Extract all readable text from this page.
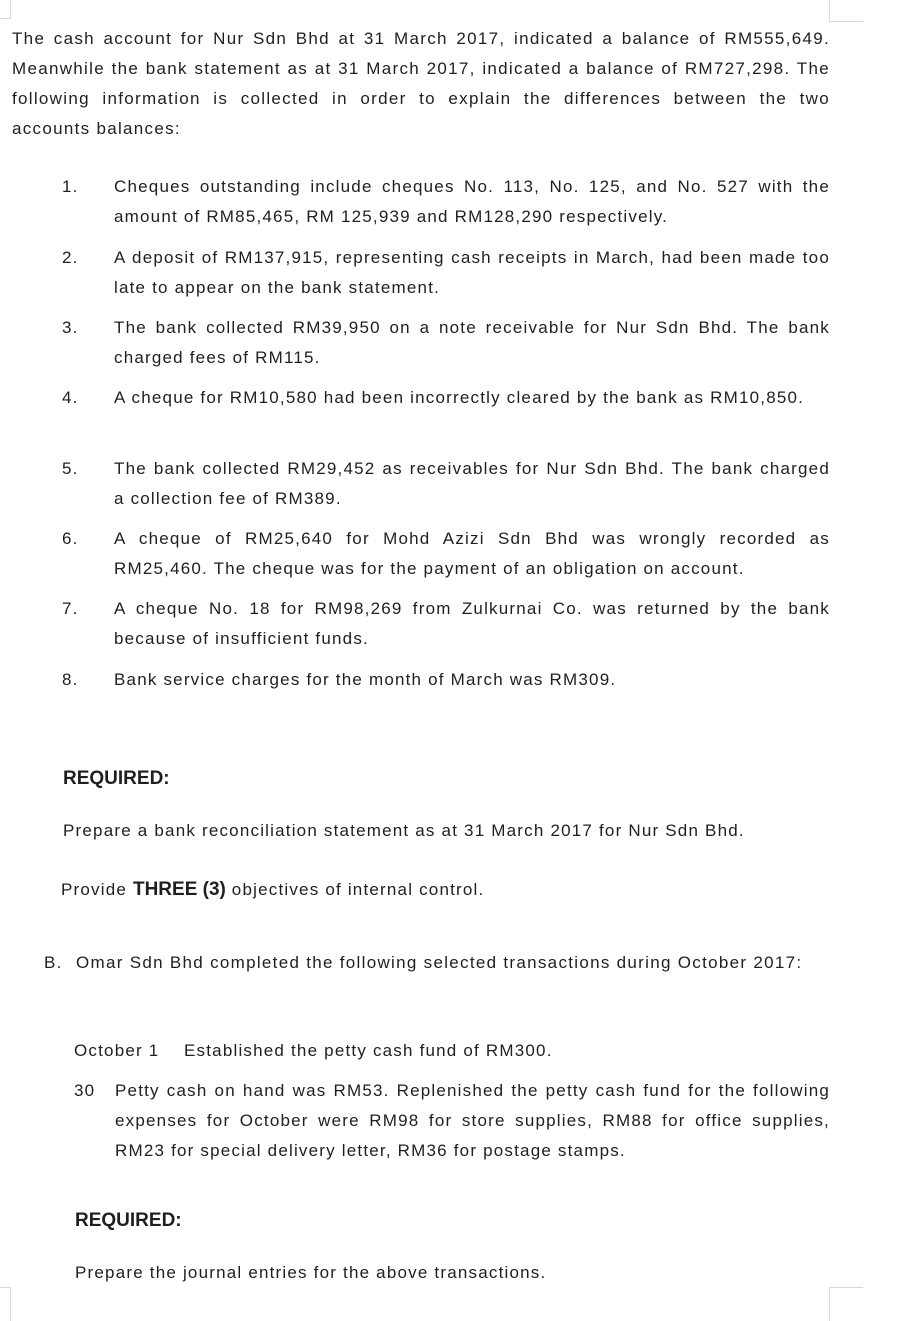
The cash account for Nur Sdn Bhd at 31 March 2017, indicated a balance of RM555,649. Meanwhile the bank statement as at 31 March 2017, indicated a balance of RM727,298. The following information is collected in order to explain the differences between the two accounts balances:

1.	Cheques outstanding include cheques No. 113, No. 125, and No. 527 with the amount of RM85,465, RM 125,939 and RM128,290 respectively.
2.	A deposit of RM137,915, representing cash receipts in March, had been made too late to appear on the bank statement.
3.	The bank collected RM39,950 on a note receivable for Nur Sdn Bhd. The bank charged fees of RM115.
4.	A cheque for RM10,580 had been incorrectly cleared by the bank as RM10,850.
5.	The bank collected RM29,452 as receivables for Nur Sdn Bhd. The bank charged a collection fee of RM389.
6.	A cheque of RM25,640 for Mohd Azizi Sdn Bhd was wrongly recorded as RM25,460. The cheque was for the payment of an obligation on account.
7.	A cheque No. 18 for RM98,269 from Zulkurnai Co. was returned by the bank because of insufficient funds.
8.	Bank service charges for the month of March was RM309.
REQUIRED:
Prepare a bank reconciliation statement as at 31 March 2017 for Nur Sdn Bhd.
Provide THREE (3) objectives of internal control.
B. Omar Sdn Bhd completed the following selected transactions during October 2017:
October 1 Established the petty cash fund of RM300.
30 Petty cash on hand was RM53. Replenished the petty cash fund for the following expenses for October were RM98 for store supplies, RM88 for office supplies, RM23 for special delivery letter, RM36 for postage stamps.
REQUIRED:
Prepare the journal entries for the above transactions.
